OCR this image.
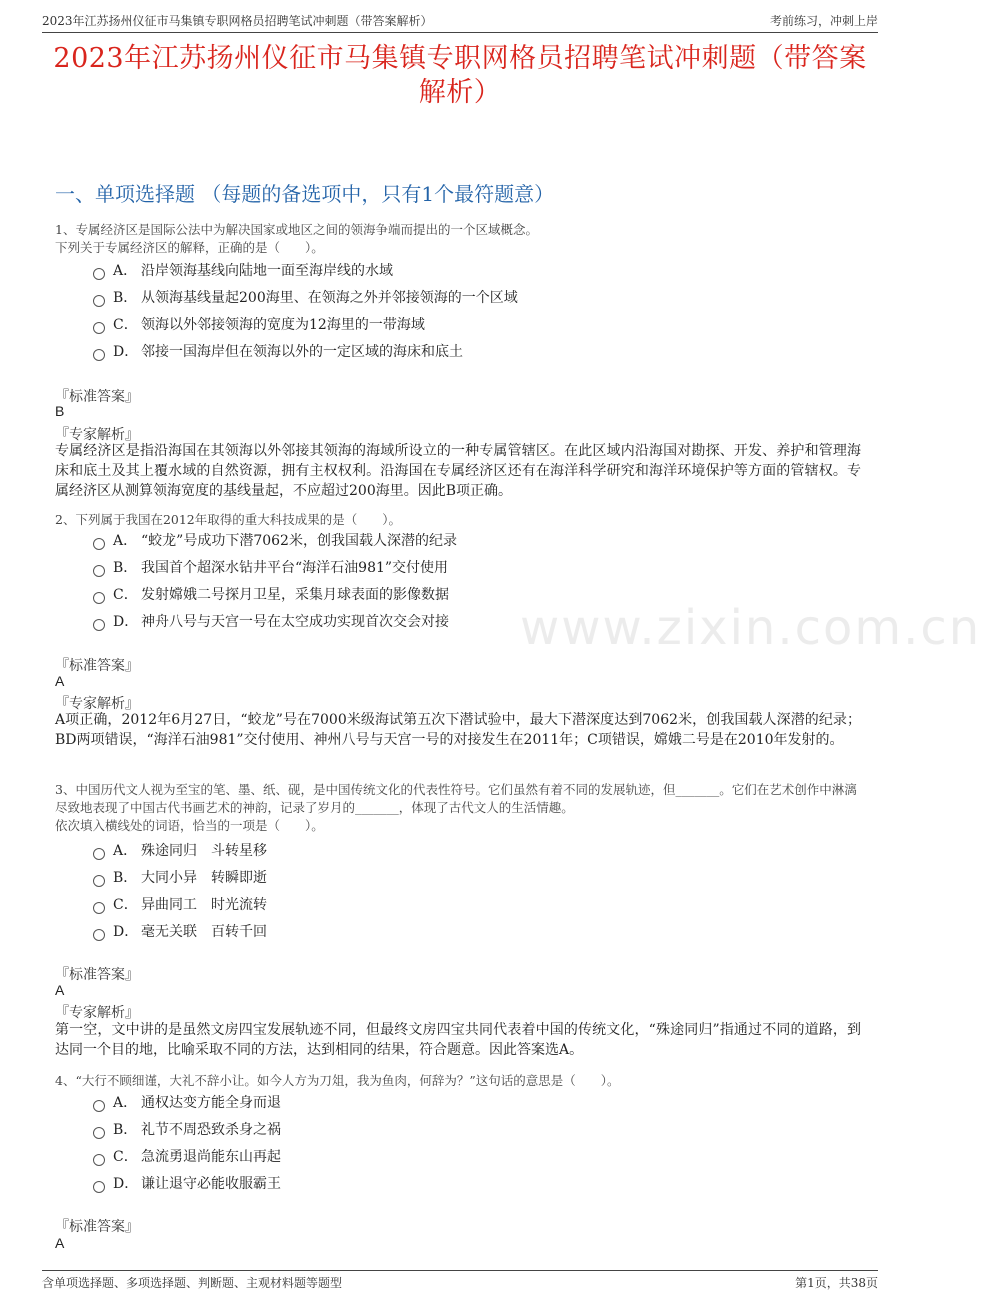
2023年江苏扬州仪征市马集镇专职网格员招聘笔试冲刺题（带答案解析）	考前练习，冲刺上岸
2023年江苏扬州仪征市马集镇专职网格员招聘笔试冲刺题（带答案解析）
一、单项选择题 （每题的备选项中，只有1个最符题意）
1、专属经济区是国际公法中为解决国家或地区之间的领海争端而提出的一个区域概念。
下列关于专属经济区的解释，正确的是（　　）。
A． 沿岸领海基线向陆地一面至海岸线的水域
B． 从领海基线量起200海里、在领海之外并邻接领海的一个区域
C． 领海以外邻接领海的宽度为12海里的一带海域
D． 邻接一国海岸但在领海以外的一定区域的海床和底土
『标准答案』
B
『专家解析』
专属经济区是指沿海国在其领海以外邻接其领海的海域所设立的一种专属管辖区。在此区域内沿海国对勘探、开发、养护和管理海床和底土及其上覆水域的自然资源，拥有主权权利。沿海国在专属经济区还有在海洋科学研究和海洋环境保护等方面的管辖权。专属经济区从测算领海宽度的基线量起，不应超过200海里。因此B项正确。
2、下列属于我国在2012年取得的重大科技成果的是（　　）。
A． “蛟龙”号成功下潜7062米，创我国载人深潜的纪录
B． 我国首个超深水钻井平台“海洋石油981”交付使用
C． 发射嫦娥二号探月卫星，采集月球表面的影像数据
D． 神舟八号与天宫一号在太空成功实现首次交会对接
『标准答案』
A
『专家解析』
A项正确，2012年6月27日，“蛟龙”号在7000米级海试第五次下潜试验中，最大下潜深度达到7062米，创我国载人深潜的纪录；BD两项错误，“海洋石油981”交付使用、神州八号与天宫一号的对接发生在2011年；C项错误，嫦娥二号是在2010年发射的。
3、中国历代文人视为至宝的笔、墨、纸、砚，是中国传统文化的代表性符号。它们虽然有着不同的发展轨迹，但_______。它们在艺术创作中淋漓尽致地表现了中国古代书画艺术的神韵，记录了岁月的_______，体现了古代文人的生活情趣。
依次填入横线处的词语，恰当的一项是（　　）。
A． 殊途同归　斗转星移
B． 大同小异　转瞬即逝
C． 异曲同工　时光流转
D． 毫无关联　百转千回
『标准答案』
A
『专家解析』
第一空，文中讲的是虽然文房四宝发展轨迹不同，但最终文房四宝共同代表着中国的传统文化，“殊途同归”指通过不同的道路，到达同一个目的地，比喻采取不同的方法，达到相同的结果，符合题意。因此答案选A。
4、“大行不顾细谨，大礼不辞小让。如今人方为刀俎，我为鱼肉，何辞为？”这句话的意思是（　　）。
A． 通权达变方能全身而退
B． 礼节不周恐致杀身之祸
C． 急流勇退尚能东山再起
D． 谦让退守必能收服霸王
『标准答案』
A
www.zixin.com.cn
含单项选择题、多项选择题、判断题、主观材料题等题型	第1页，共38页
